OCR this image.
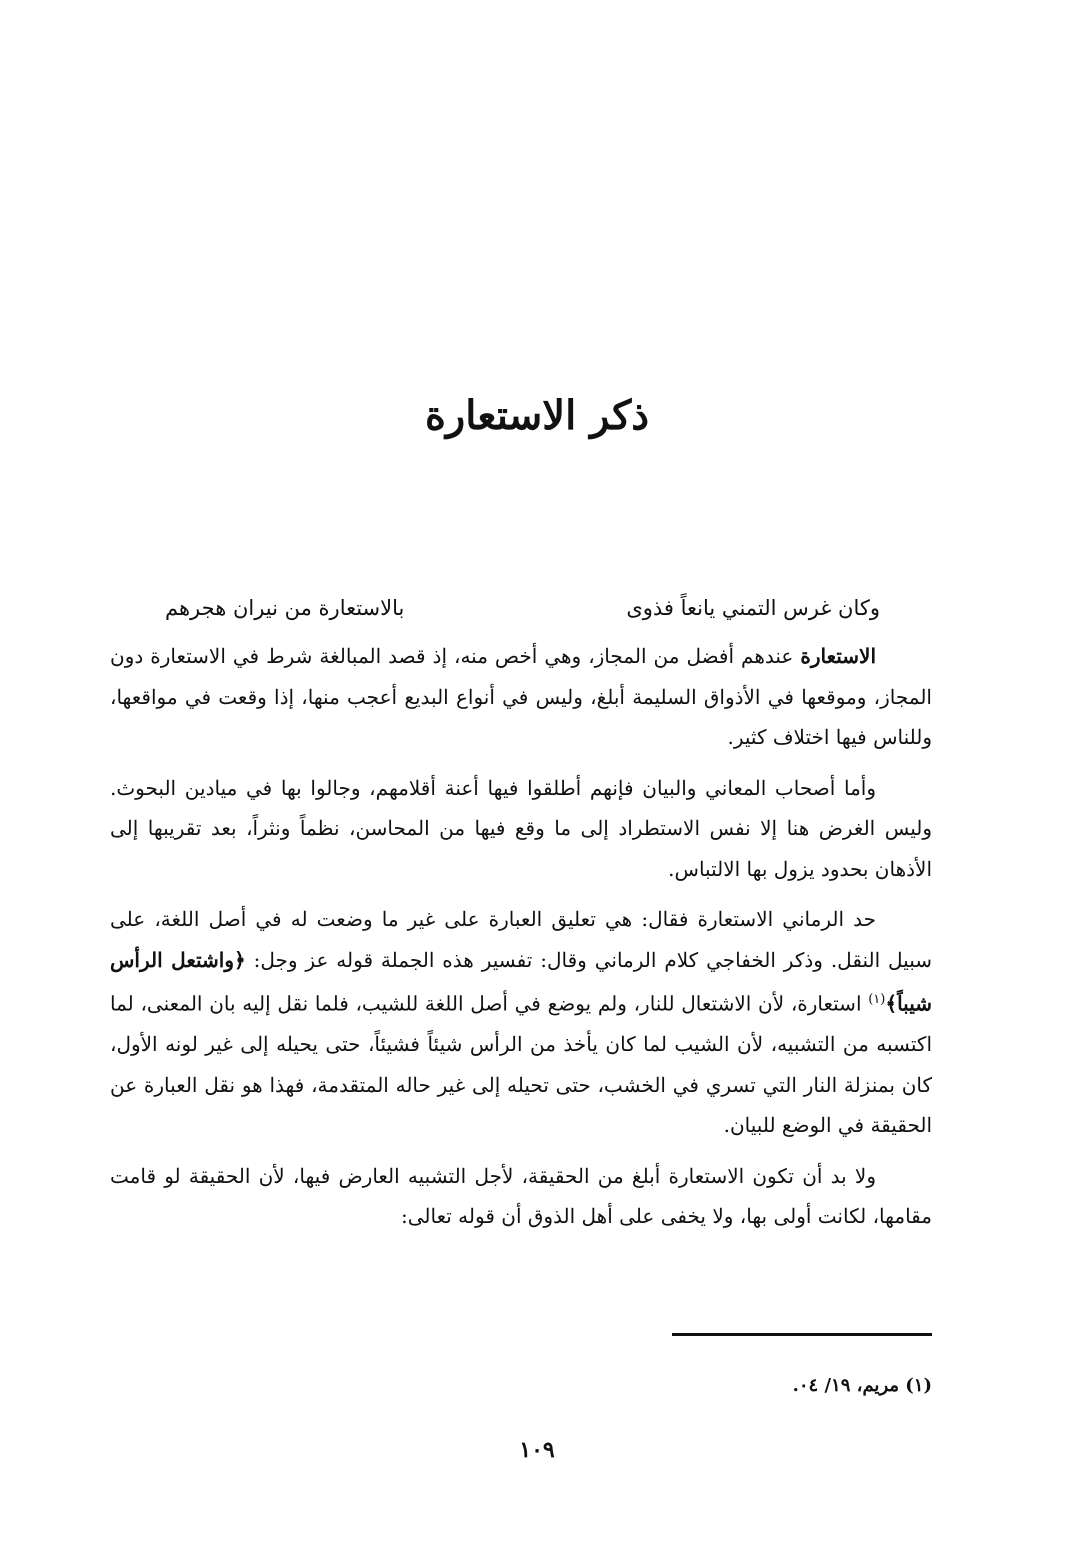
ذكر الاستعارة
وكان غرس التمني يانعاً فذوى
بالاستعارة من نيران هجرهم

الاستعارة عندهم أفضل من المجاز، وهي أخص منه، إذ قصد المبالغة شرط في الاستعارة دون المجاز، وموقعها في الأذواق السليمة أبلغ، وليس في أنواع البديع أعجب منها، إذا وقعت في مواقعها، وللناس فيها اختلاف كثير.

وأما أصحاب المعاني والبيان فإنهم أطلقوا فيها أعنة أقلامهم، وجالوا بها في ميادين البحوث. وليس الغرض هنا إلا نفس الاستطراد إلى ما وقع فيها من المحاسن، نظماً ونثراً، بعد تقريبها إلى الأذهان بحدود يزول بها الالتباس.

حد الرماني الاستعارة فقال: هي تعليق العبارة على غير ما وضعت له في أصل اللغة، على سبيل النقل. وذكر الخفاجي كلام الرماني وقال: تفسير هذه الجملة قوله عز وجل: ﴿واشتعل الرأس شيباً﴾$^{(١)}$ استعارة، لأن الاشتعال للنار، ولم يوضع في أصل اللغة للشيب، فلما نقل إليه بان المعنى، لما اكتسبه من التشبيه، لأن الشيب لما كان يأخذ من الرأس شيئاً فشيئاً، حتى يحيله إلى غير لونه الأول، كان بمنزلة النار التي تسري في الخشب، حتى تحيله إلى غير حاله المتقدمة، فهذا هو نقل العبارة عن الحقيقة في الوضع للبيان.

ولا بد أن تكون الاستعارة أبلغ من الحقيقة، لأجل التشبيه العارض فيها، لأن الحقيقة لو قامت مقامها، لكانت أولى بها، ولا يخفى على أهل الذوق أن قوله تعالى:

(١) مريم، ١٩/ ٠٤.
١٠٩
